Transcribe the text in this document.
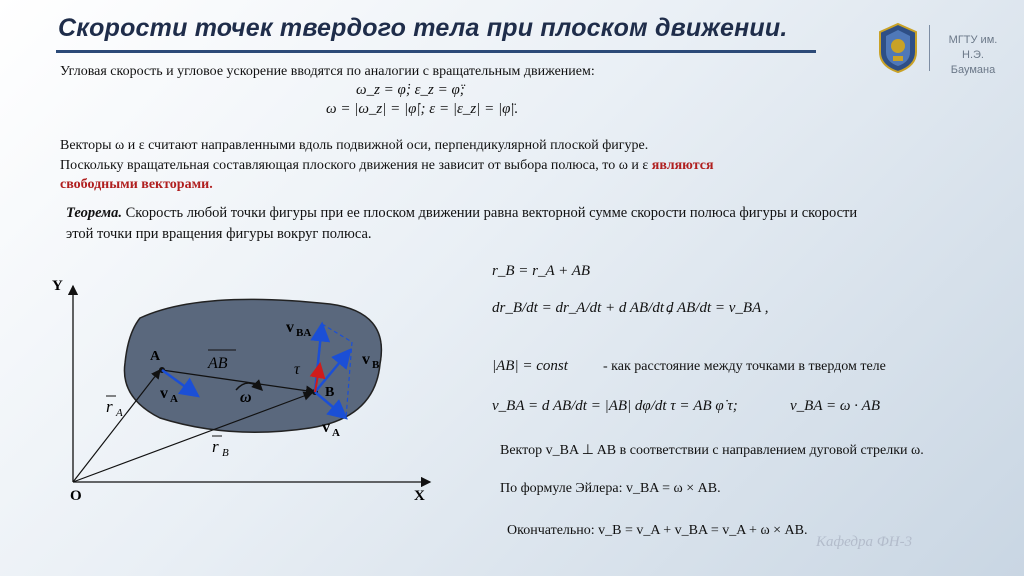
Скорости точек твердого тела при плоском движении.	МГТУ им. Н.Э.
Баумана
Угловая скорость и угловое ускорение вводятся по аналогии с вращательным движением:
ω_z = φ̇; ε_z = φ̈;
ω = |ω_z| = |φ̇|; ε = |ε_z| = |φ̈|.
Векторы ω и ε считают направленными вдоль подвижной оси, перпендикулярной плоской фигуре.
Поскольку вращательная составляющая плоского движения не зависит от выбора полюса, то ω и ε являются
свободными векторами.
Теорема. Скорость любой точки фигуры при ее плоском движении равна векторной сумме скорости полюса фигуры и скорости этой точки при вращения фигуры вокруг полюса.
Y
X
O
A
B
AB	τ
ω
r A
r B
v A
v A
v B
v BA
r_B = r_A + AB
dr_B/dt = dr_A/dt + d AB/dt ,
d AB/dt = v_BA ,
|AB| = const	- как расстояние между точками в твердом теле
v_BA = d AB/dt = |AB| dφ/dt τ = AB φ̇ τ;	v_BA = ω · AB
Вектор v_BA ⊥ AB в соответствии с направлением дуговой стрелки ω.
По формуле Эйлера: v_BA = ω × AB.
Окончательно: v_B = v_A + v_BA = v_A + ω × AB.
Кафедра ФН-3
